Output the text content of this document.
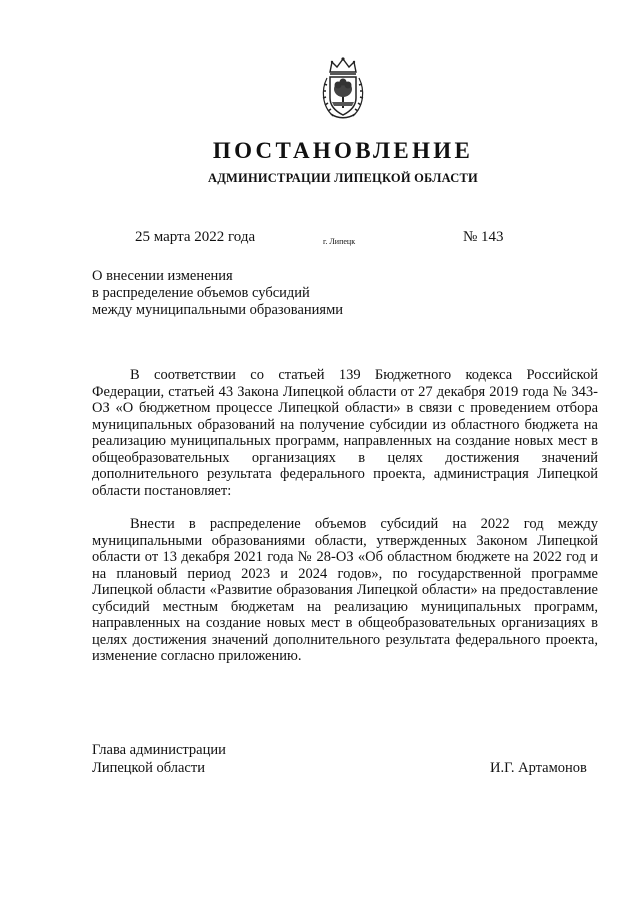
ПОСТАНОВЛЕНИЕ
АДМИНИСТРАЦИИ ЛИПЕЦКОЙ ОБЛАСТИ
25 марта 2022 года	г. Липецк	№ 143
О внесении изменения
в распределение объемов субсидий
между муниципальными образованиями

В соответствии со статьей 139 Бюджетного кодекса Российской Федерации, статьей 43 Закона Липецкой области от 27 декабря 2019 года № 343-ОЗ «О бюджетном процессе Липецкой области» в связи с проведением отбора муниципальных образований на получение субсидии из областного бюджета на реализацию муниципальных программ, направленных на создание новых мест в общеобразовательных организациях в целях достижения значений дополнительного результата федерального проекта, администрация Липецкой области постановляет:

Внести в распределение объемов субсидий на 2022 год между муниципальными образованиями области, утвержденных Законом Липецкой области от 13 декабря 2021 года № 28-ОЗ «Об областном бюджете на 2022 год и на плановый период 2023 и 2024 годов», по государственной программе Липецкой области «Развитие образования Липецкой области» на предоставление субсидий местным бюджетам на реализацию муниципальных программ, направленных на создание новых мест в общеобразовательных организациях в целях достижения значений дополнительного результата федерального проекта, изменение согласно приложению.

Глава администрации
Липецкой области	И.Г. Артамонов
